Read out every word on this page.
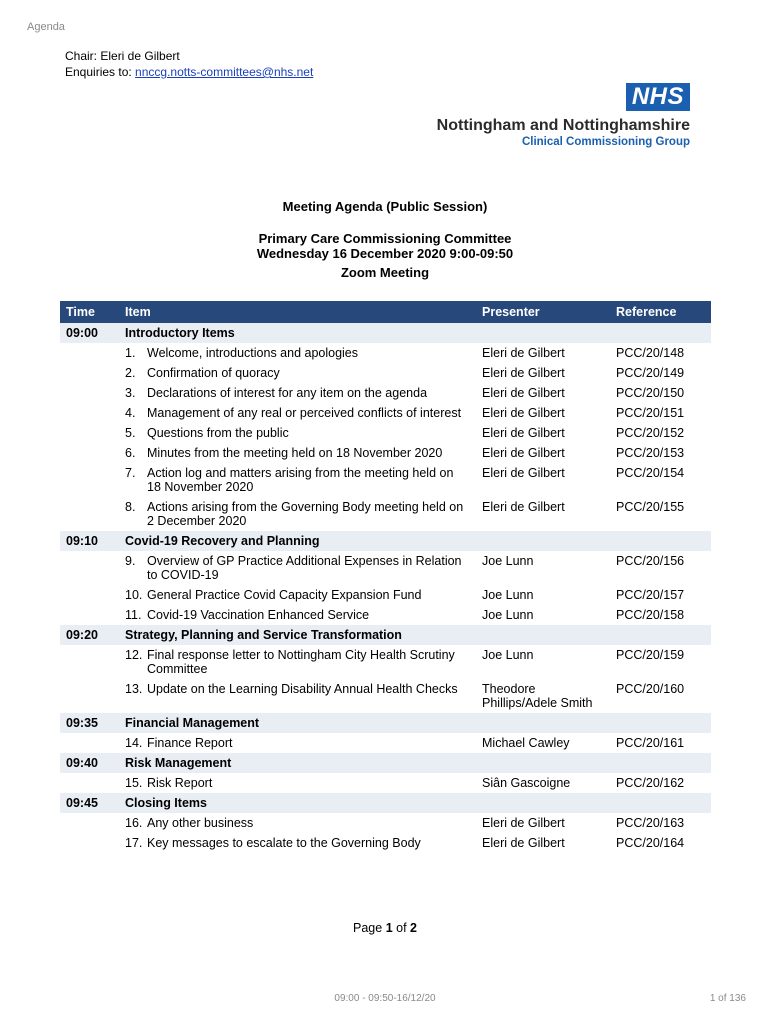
Agenda
Chair: Eleri de Gilbert
Enquiries to: nnccg.notts-committees@nhs.net
NHS
Nottingham and Nottinghamshire
Clinical Commissioning Group
Meeting Agenda (Public Session)
Primary Care Commissioning Committee
Wednesday 16 December 2020 9:00-09:50
Zoom Meeting
Time	Item	Presenter	Reference
09:00	Introductory Items		
	1. Welcome, introductions and apologies	Eleri de Gilbert	PCC/20/148
	2. Confirmation of quoracy	Eleri de Gilbert	PCC/20/149
	3. Declarations of interest for any item on the agenda	Eleri de Gilbert	PCC/20/150
	4. Management of any real or perceived conflicts of interest	Eleri de Gilbert	PCC/20/151
	5. Questions from the public	Eleri de Gilbert	PCC/20/152
	6. Minutes from the meeting held on 18 November 2020	Eleri de Gilbert	PCC/20/153
	7. Action log and matters arising from the meeting held on 18 November 2020	Eleri de Gilbert	PCC/20/154
	8. Actions arising from the Governing Body meeting held on 2 December 2020	Eleri de Gilbert	PCC/20/155
09:10	Covid-19 Recovery and Planning		
	9. Overview of GP Practice Additional Expenses in Relation to COVID-19	Joe Lunn	PCC/20/156
	10. General Practice Covid Capacity Expansion Fund	Joe Lunn	PCC/20/157
	11. Covid-19 Vaccination Enhanced Service	Joe Lunn	PCC/20/158
09:20	Strategy, Planning and Service Transformation		
	12. Final response letter to Nottingham City Health Scrutiny Committee	Joe Lunn	PCC/20/159
	13. Update on the Learning Disability Annual Health Checks	Theodore Phillips/Adele Smith	PCC/20/160
09:35	Financial Management		
	14. Finance Report	Michael Cawley	PCC/20/161
09:40	Risk Management		
	15. Risk Report	Siân Gascoigne	PCC/20/162
09:45	Closing Items		
	16. Any other business	Eleri de Gilbert	PCC/20/163
	17. Key messages to escalate to the Governing Body	Eleri de Gilbert	PCC/20/164
Page 1 of 2
09:00 - 09:50-16/12/20	1 of 136
